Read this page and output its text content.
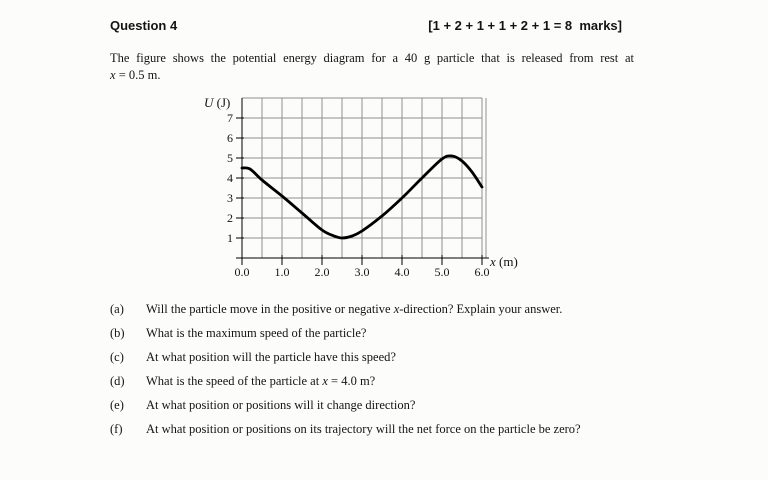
Question 4	[1 + 2 + 1 + 1 + 2 + 1 = 8  marks]
The figure shows the potential energy diagram for a 40 g particle that is released from rest at
x = 0.5 m.
1
2
3
4
5
6
7
0.0 1.0 2.0 3.0 4.0 5.0 6.0
U (J)
x (m)
(a)	Will the particle move in the positive or negative x-direction? Explain your answer.
(b)	What is the maximum speed of the particle?
(c)	At what position will the particle have this speed?
(d)	What is the speed of the particle at x = 4.0 m?
(e)	At what position or positions will it change direction?
(f)	At what position or positions on its trajectory will the net force on the particle be zero?
